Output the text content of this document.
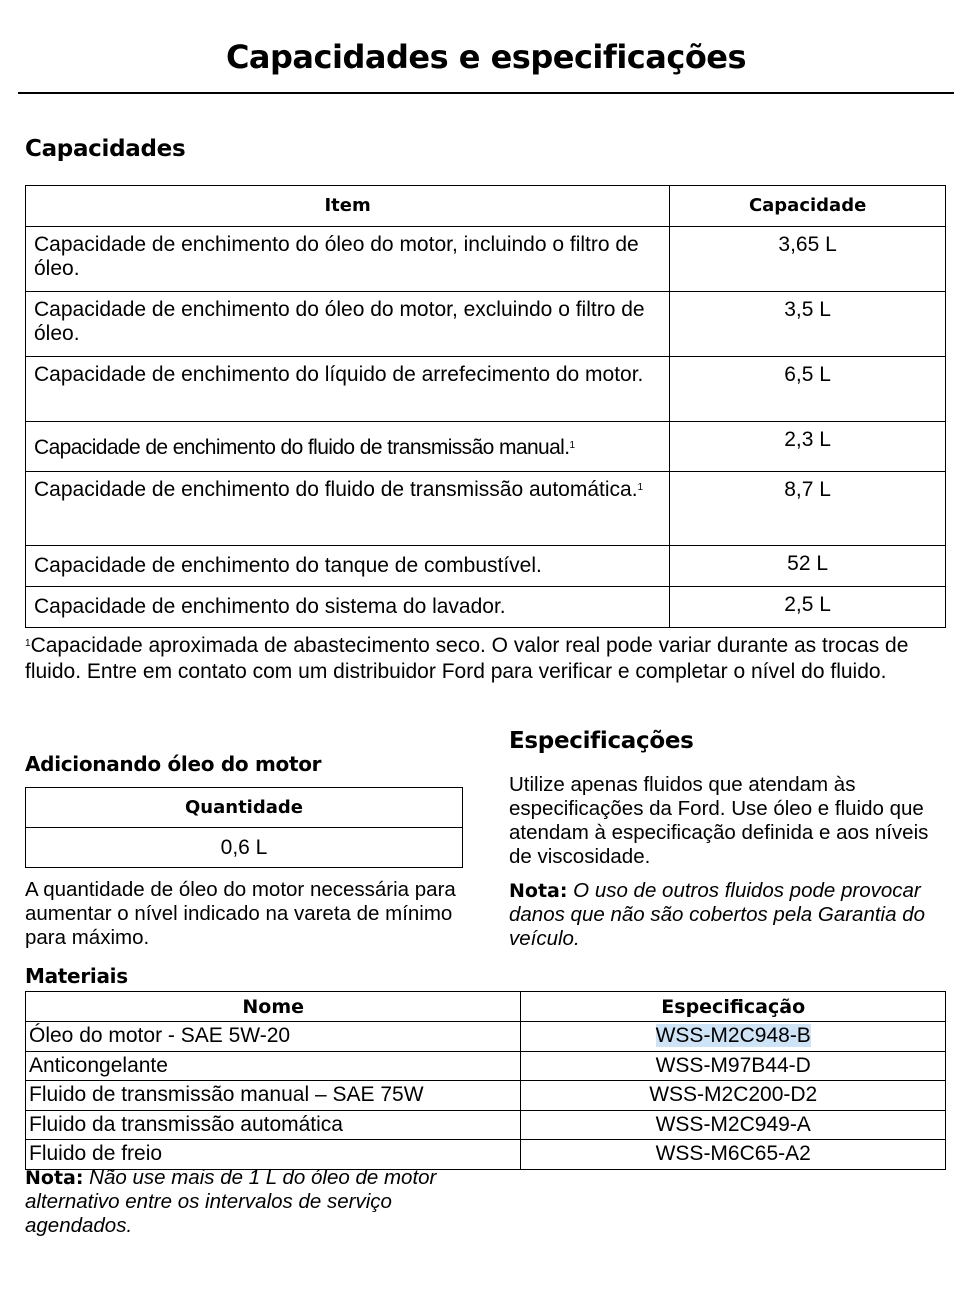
Capacidades e especificações
Capacidades
Item	Capacidade
Capacidade de enchimento do óleo do motor, incluindo o filtro de óleo.	3,65 L
Capacidade de enchimento do óleo do motor, excluindo o filtro de óleo.	3,5 L
Capacidade de enchimento do líquido de arrefecimento do motor.	6,5 L
Capacidade de enchimento do fluido de transmissão manual.$^1$	2,3 L
Capacidade de enchimento do fluido de transmissão automática.$^1$	8,7 L
Capacidade de enchimento do tanque de combustível.	52 L
Capacidade de enchimento do sistema do lavador.	2,5 L
$^1$Capacidade aproximada de abastecimento seco. O valor real pode variar durante as trocas de fluido. Entre em contato com um distribuidor Ford para verificar e completar o nível do fluido.
Adicionando óleo do motor
Quantidade
0,6 L
A quantidade de óleo do motor necessária para aumentar o nível indicado na vareta de mínimo para máximo.
Especificações
Utilize apenas fluidos que atendam às especificações da Ford. Use óleo e fluido que atendam à especificação definida e aos níveis de viscosidade.
Nota: O uso de outros fluidos pode provocar danos que não são cobertos pela Garantia do veículo.
Materiais
Nome	Especificação
Óleo do motor - SAE 5W-20	WSS-M2C948-B
Anticongelante	WSS-M97B44-D
Fluido de transmissão manual – SAE 75W	WSS-M2C200-D2
Fluido da transmissão automática	WSS-M2C949-A
Fluido de freio	WSS-M6C65-A2
Nota: Não use mais de 1 L do óleo de motor alternativo entre os intervalos de serviço agendados.
